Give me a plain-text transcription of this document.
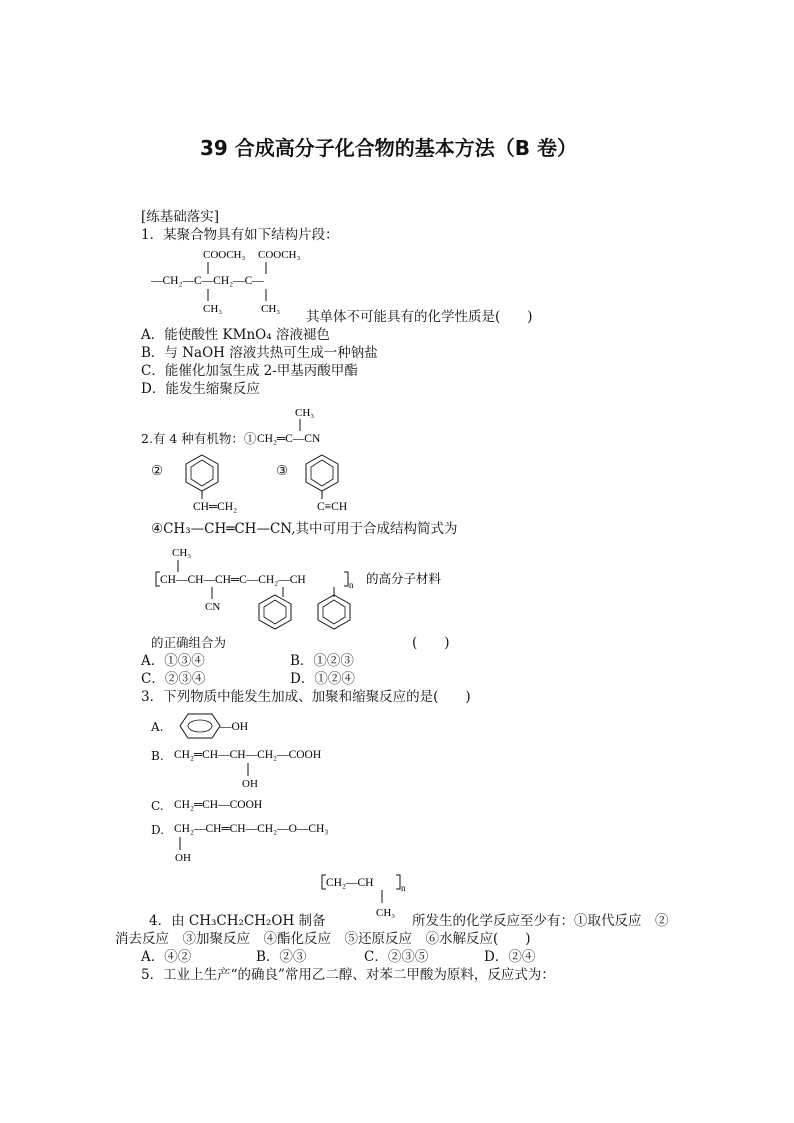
39 合成高分子化合物的基本方法（B 卷）
[练基础落实]
1．某聚合物具有如下结构片段：
COOCH₃ COOCH₃
—CH₂—C—CH₂—C—
CH₃	CH₃ 其单体不可能具有的化学性质是(　　)
A．能使酸性 KMnO₄ 溶液褪色
B．与 NaOH 溶液共热可生成一种钠盐
C．能催化加氢生成 2-甲基丙酸甲酯
D．能发生缩聚反应
CH₃
CH₂═C—CN
2.有 4 种有机物：①
②
CH═CH₂
③
C≡CH
④CH₃—CH═CH—CN,其中可用于合成结构简式为
CH₃
CH—CH—CH═C—CH₂—CH	n 的高分子材料
CN
的正确组合为	(　　)
A．①③④	B．①②③
C．②③④	D．①②④
3．下列物质中能发生加成、加聚和缩聚反应的是(　　)
A.	—OH
B. CH₂═CH—CH—CH₂—COOH
OH
C. CH₂═CH—COOH
D. CH₂—CH═CH—CH₂—O—CH₃
OH
CH₂—CH	n
CH₃
4．由 CH₃CH₂CH₂OH 制备	所发生的化学反应至少有：①取代反应　②
消去反应　③加聚反应　④酯化反应　⑤还原反应　⑥水解反应(　　)
A．④②	B．②③	C．②③⑤	D．②④
5．工业上生产“的确良”常用乙二醇、对苯二甲酸为原料，反应式为：
